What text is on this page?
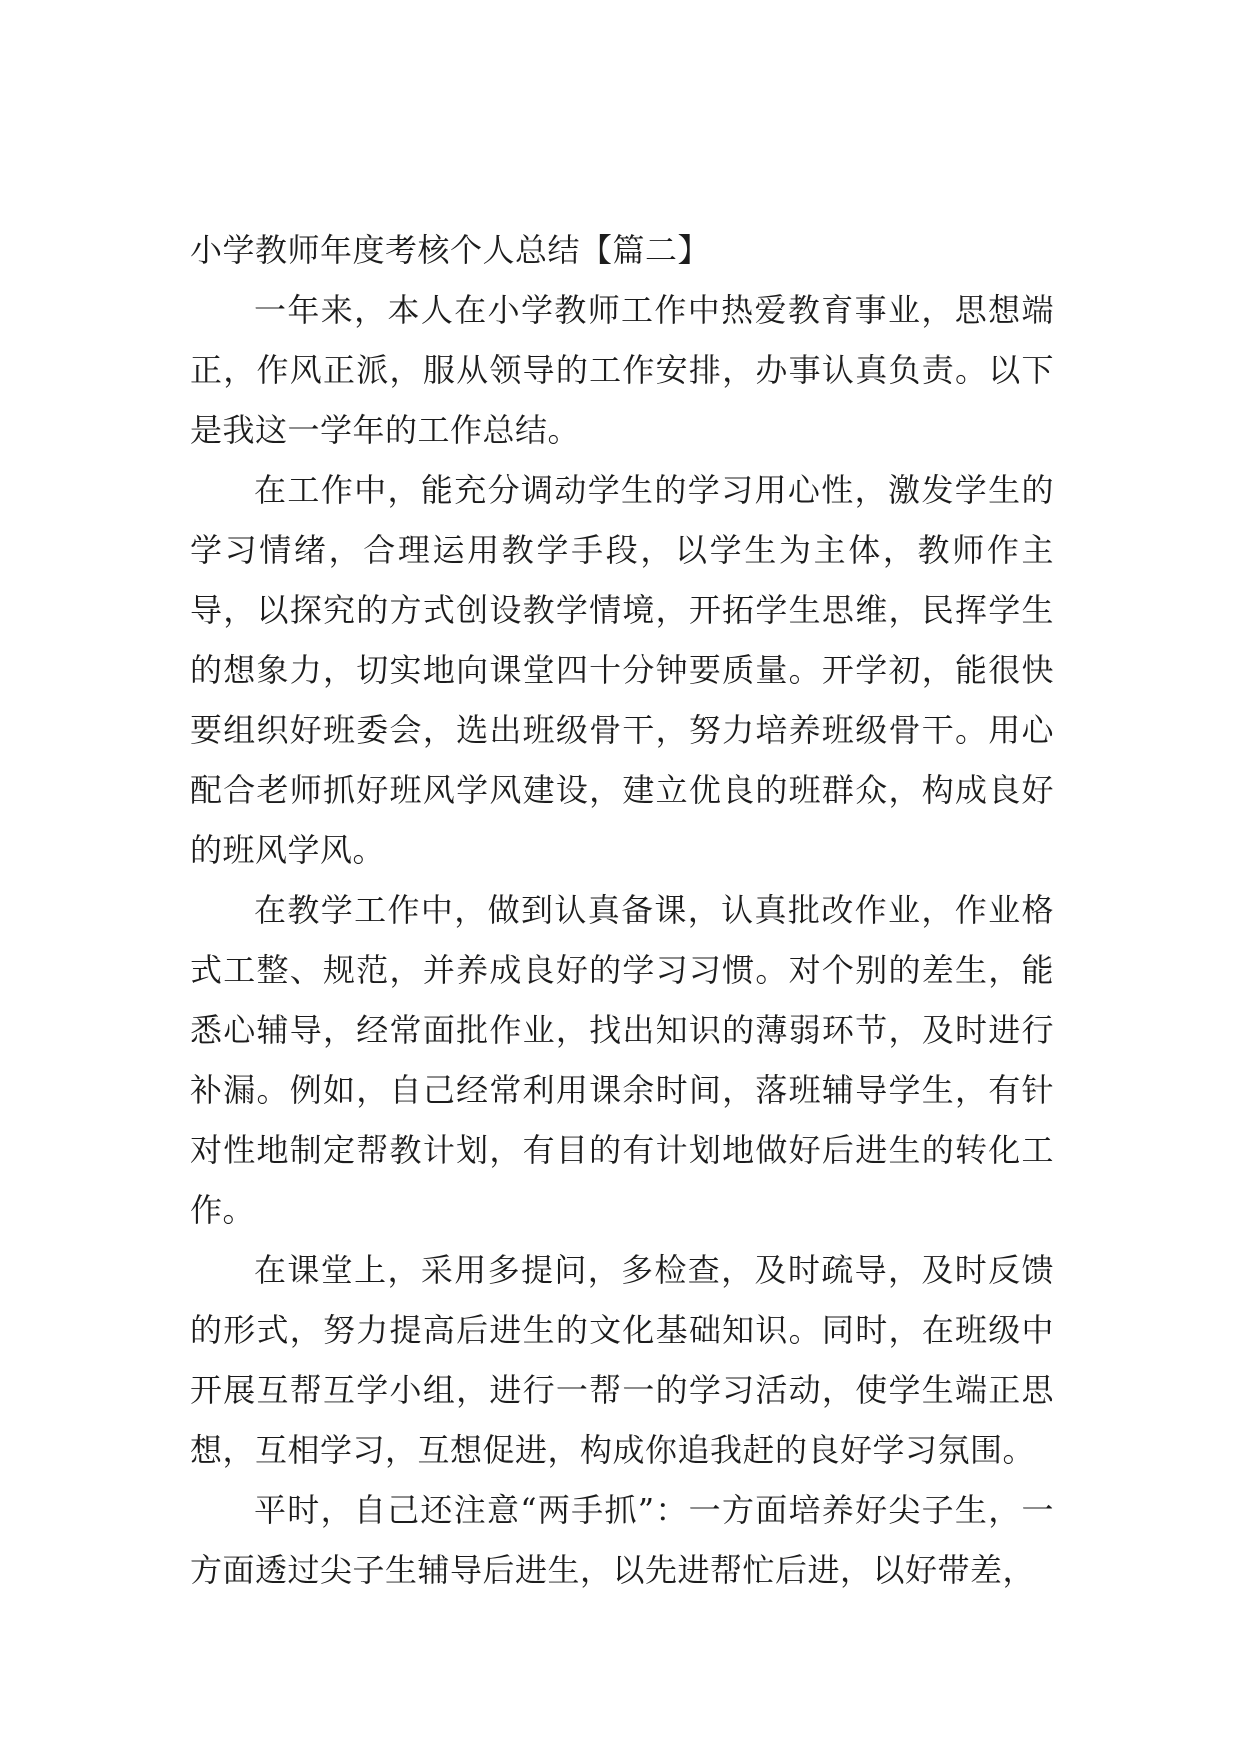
小学教师年度考核个人总结【篇二】

一年来，本人在小学教师工作中热爱教育事业，思想端正，作风正派，服从领导的工作安排，办事认真负责。以下是我这一学年的工作总结。

在工作中，能充分调动学生的学习用心性，激发学生的学习情绪，合理运用教学手段，以学生为主体，教师作主导，以探究的方式创设教学情境，开拓学生思维，民挥学生的想象力，切实地向课堂四十分钟要质量。开学初，能很快要组织好班委会，选出班级骨干，努力培养班级骨干。用心配合老师抓好班风学风建设，建立优良的班群众，构成良好的班风学风。

在教学工作中，做到认真备课，认真批改作业，作业格式工整、规范，并养成良好的学习习惯。对个别的差生，能悉心辅导，经常面批作业，找出知识的薄弱环节，及时进行补漏。例如，自己经常利用课余时间，落班辅导学生，有针对性地制定帮教计划，有目的有计划地做好后进生的转化工作。

在课堂上，采用多提问，多检查，及时疏导，及时反馈的形式，努力提高后进生的文化基础知识。同时，在班级中开展互帮互学小组，进行一帮一的学习活动，使学生端正思想，互相学习，互想促进，构成你追我赶的良好学习氛围。

平时，自己还注意“两手抓”：一方面培养好尖子生，一方面透过尖子生辅导后进生，以先进帮忙后进，以好带差，
